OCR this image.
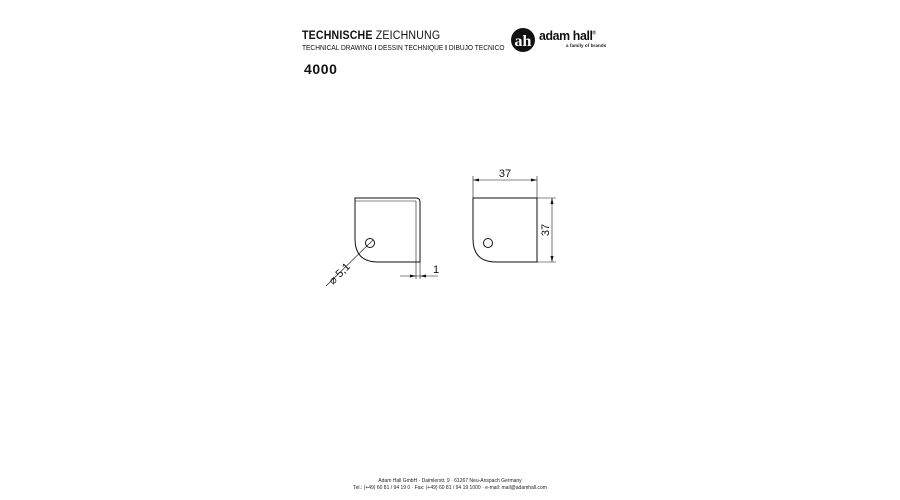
TECHNISCHE ZEICHNUNG
TECHNICAL DRAWING I DESSIN TECHNIQUE I DIBUJO TECNICO
4000
ah adam hall®
a family of brands
1
⌀ 5,1
37
37
Adam Hall GmbH · Daimlerstr. 9 · 61267 Neu-Anspach Germany
Tel.: (+49) 60 81 / 94 19 0 · Fax: (+49) 60 81 / 94 19 1000 · e-mail: mail@adamhall.com
